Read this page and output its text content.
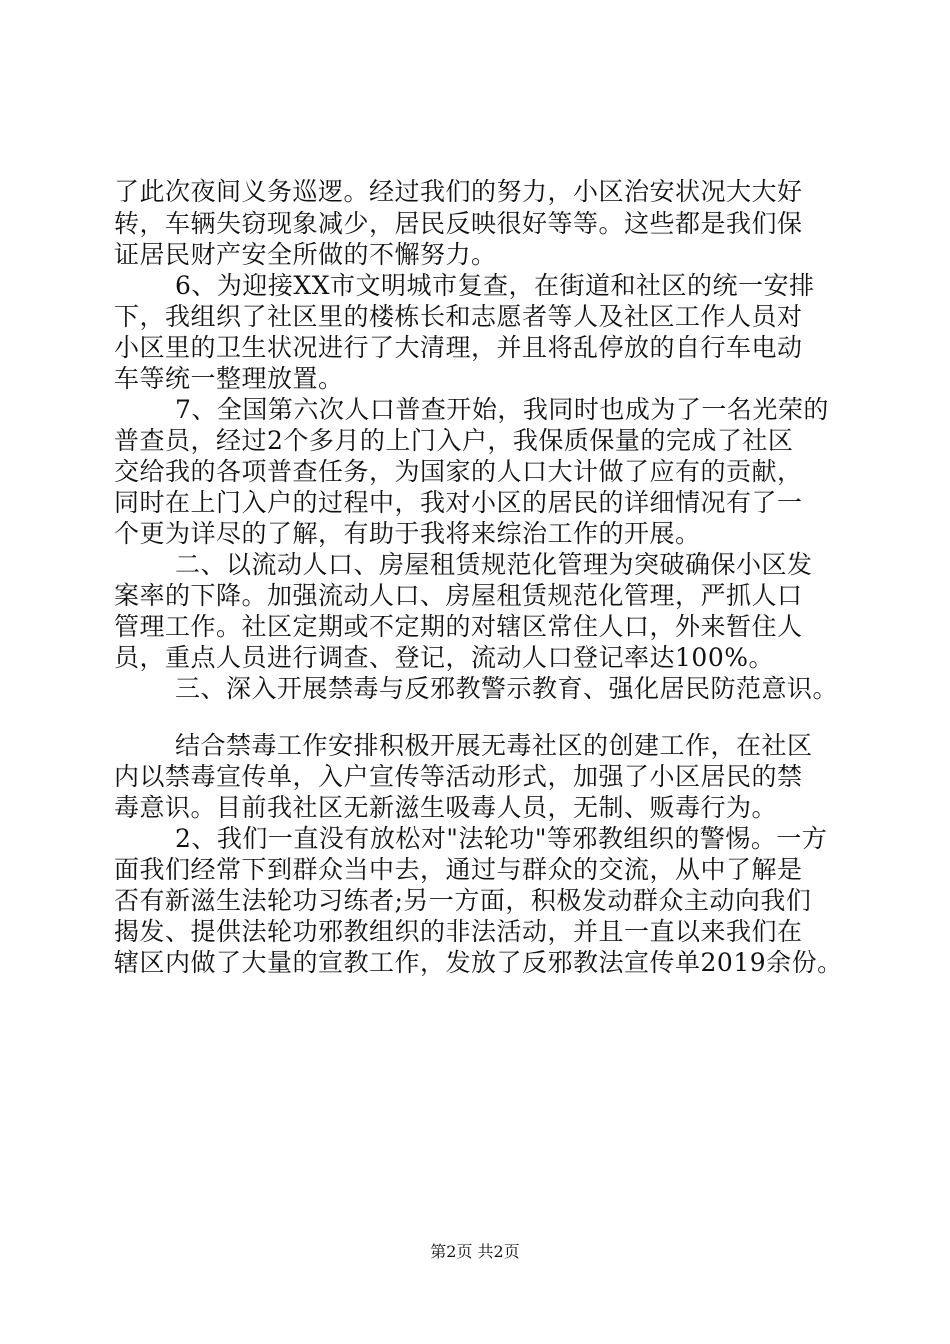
了此次夜间义务巡逻。经过我们的努力，小区治安状况大大好
转，车辆失窃现象减少，居民反映很好等等。这些都是我们保
证居民财产安全所做的不懈努力。
6、为迎接XX市文明城市复查，在街道和社区的统一安排
下，我组织了社区里的楼栋长和志愿者等人及社区工作人员对
小区里的卫生状况进行了大清理，并且将乱停放的自行车电动
车等统一整理放置。
7、全国第六次人口普查开始，我同时也成为了一名光荣的
普查员，经过2个多月的上门入户，我保质保量的完成了社区
交给我的各项普查任务，为国家的人口大计做了应有的贡献，
同时在上门入户的过程中，我对小区的居民的详细情况有了一
个更为详尽的了解，有助于我将来综治工作的开展。
二、以流动人口、房屋租赁规范化管理为突破确保小区发
案率的下降。加强流动人口、房屋租赁规范化管理，严抓人口
管理工作。社区定期或不定期的对辖区常住人口，外来暂住人
员，重点人员进行调查、登记，流动人口登记率达100%。
三、深入开展禁毒与反邪教警示教育、强化居民防范意识。
结合禁毒工作安排积极开展无毒社区的创建工作，在社区
内以禁毒宣传单，入户宣传等活动形式，加强了小区居民的禁
毒意识。目前我社区无新滋生吸毒人员，无制、贩毒行为。
2、我们一直没有放松对"法轮功"等邪教组织的警惕。一方
面我们经常下到群众当中去，通过与群众的交流，从中了解是
否有新滋生法轮功习练者;另一方面，积极发动群众主动向我们
揭发、提供法轮功邪教组织的非法活动，并且一直以来我们在
辖区内做了大量的宣教工作，发放了反邪教法宣传单2019余份。
第2页 共2页
